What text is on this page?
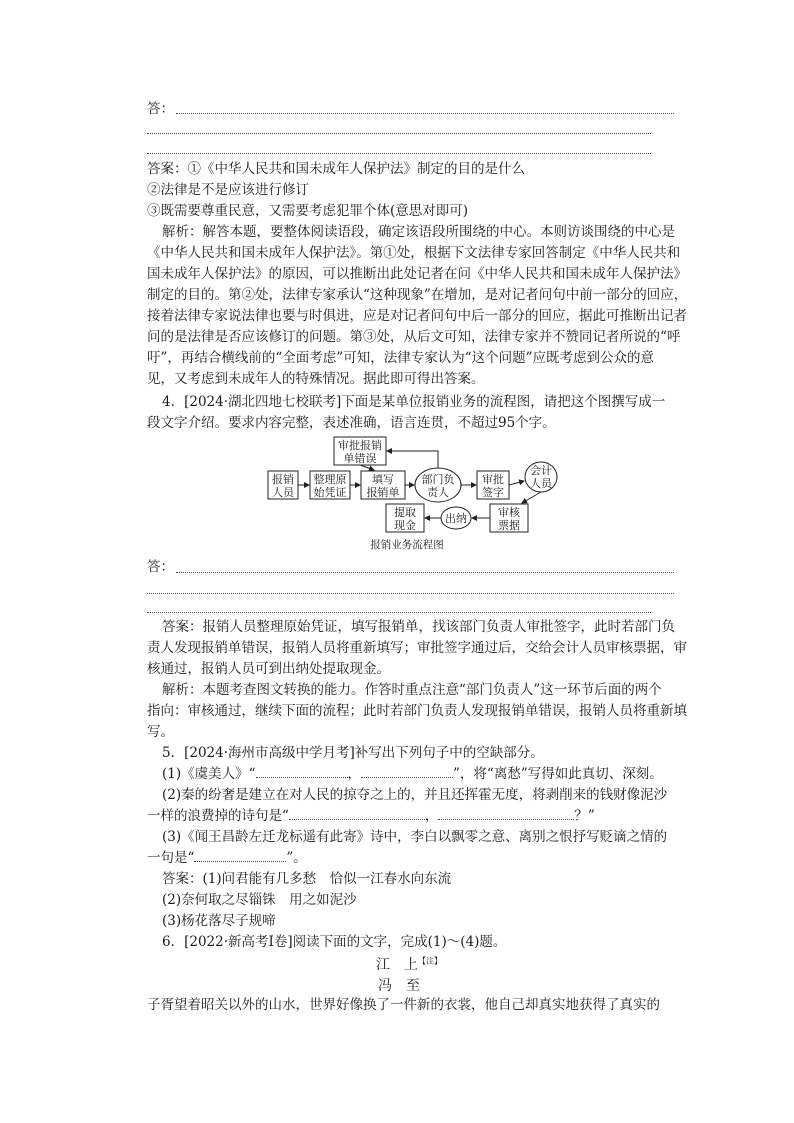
答：
答案：①《中华人民共和国未成年人保护法》制定的目的是什么
②法律是不是应该进行修订
③既需要尊重民意，又需要考虑犯罪个体(意思对即可)
解析：解答本题，要整体阅读语段，确定该语段所围绕的中心。本则访谈围绕的中心是
《中华人民共和国未成年人保护法》。第①处，根据下文法律专家回答制定《中华人民共和
国未成年人保护法》的原因，可以推断出此处记者在问《中华人民共和国未成年人保护法》
制定的目的。第②处，法律专家承认“这种现象”在增加，是对记者问句中前一部分的回应，
接着法律专家说法律也要与时俱进，应是对记者问句中后一部分的回应，据此可推断出记者
问的是法律是否应该修订的问题。第③处，从后文可知，法律专家并不赞同记者所说的“呼
吁”，再结合横线前的“全面考虑”可知，法律专家认为“这个问题”应既考虑到公众的意
见，又考虑到未成年人的特殊情况。据此即可得出答案。
4．[2024·湖北四地七校联考]下面是某单位报销业务的流程图，请把这个图撰写成一
段文字介绍。要求内容完整，表述准确，语言连贯，不超过95个字。
审批报销
单错误
报销
人员
整理原
始凭证
填写
报销单
部门负
责人
审批
签字
会计
人员
审核
票据
出纳
提取
现金
报销业务流程图
答：
答案：报销人员整理原始凭证，填写报销单，找该部门负责人审批签字，此时若部门负
责人发现报销单错误，报销人员将重新填写；审批签字通过后，交给会计人员审核票据，审
核通过，报销人员可到出纳处提取现金。
解析：本题考查图文转换的能力。作答时重点注意“部门负责人”这一环节后面的两个
指向：审核通过，继续下面的流程；此时若部门负责人发现报销单错误，报销人员将重新填
写。
5．[2024·海州市高级中学月考]补写出下列句子中的空缺部分。
(1)《虞美人》“	，	”，将“离愁”写得如此真切、深刻。
(2)秦的纷奢是建立在对人民的掠夺之上的，并且还挥霍无度，将剥削来的钱财像泥沙
一样的浪费掉的诗句是“	，	？”
(3)《闻王昌龄左迁龙标遥有此寄》诗中，李白以飘零之意、离别之恨抒写贬谪之情的
一句是“	”。
答案：(1)问君能有几多愁　恰似一江春水向东流
(2)奈何取之尽锱铢　用之如泥沙
(3)杨花落尽子规啼
6．[2022·新高考Ⅰ卷]阅读下面的文字，完成(1)～(4)题。
江　上$^{【注】}$
冯　至
子胥望着昭关以外的山水，世界好像换了一件新的衣裳，他自己却真实地获得了真实的
